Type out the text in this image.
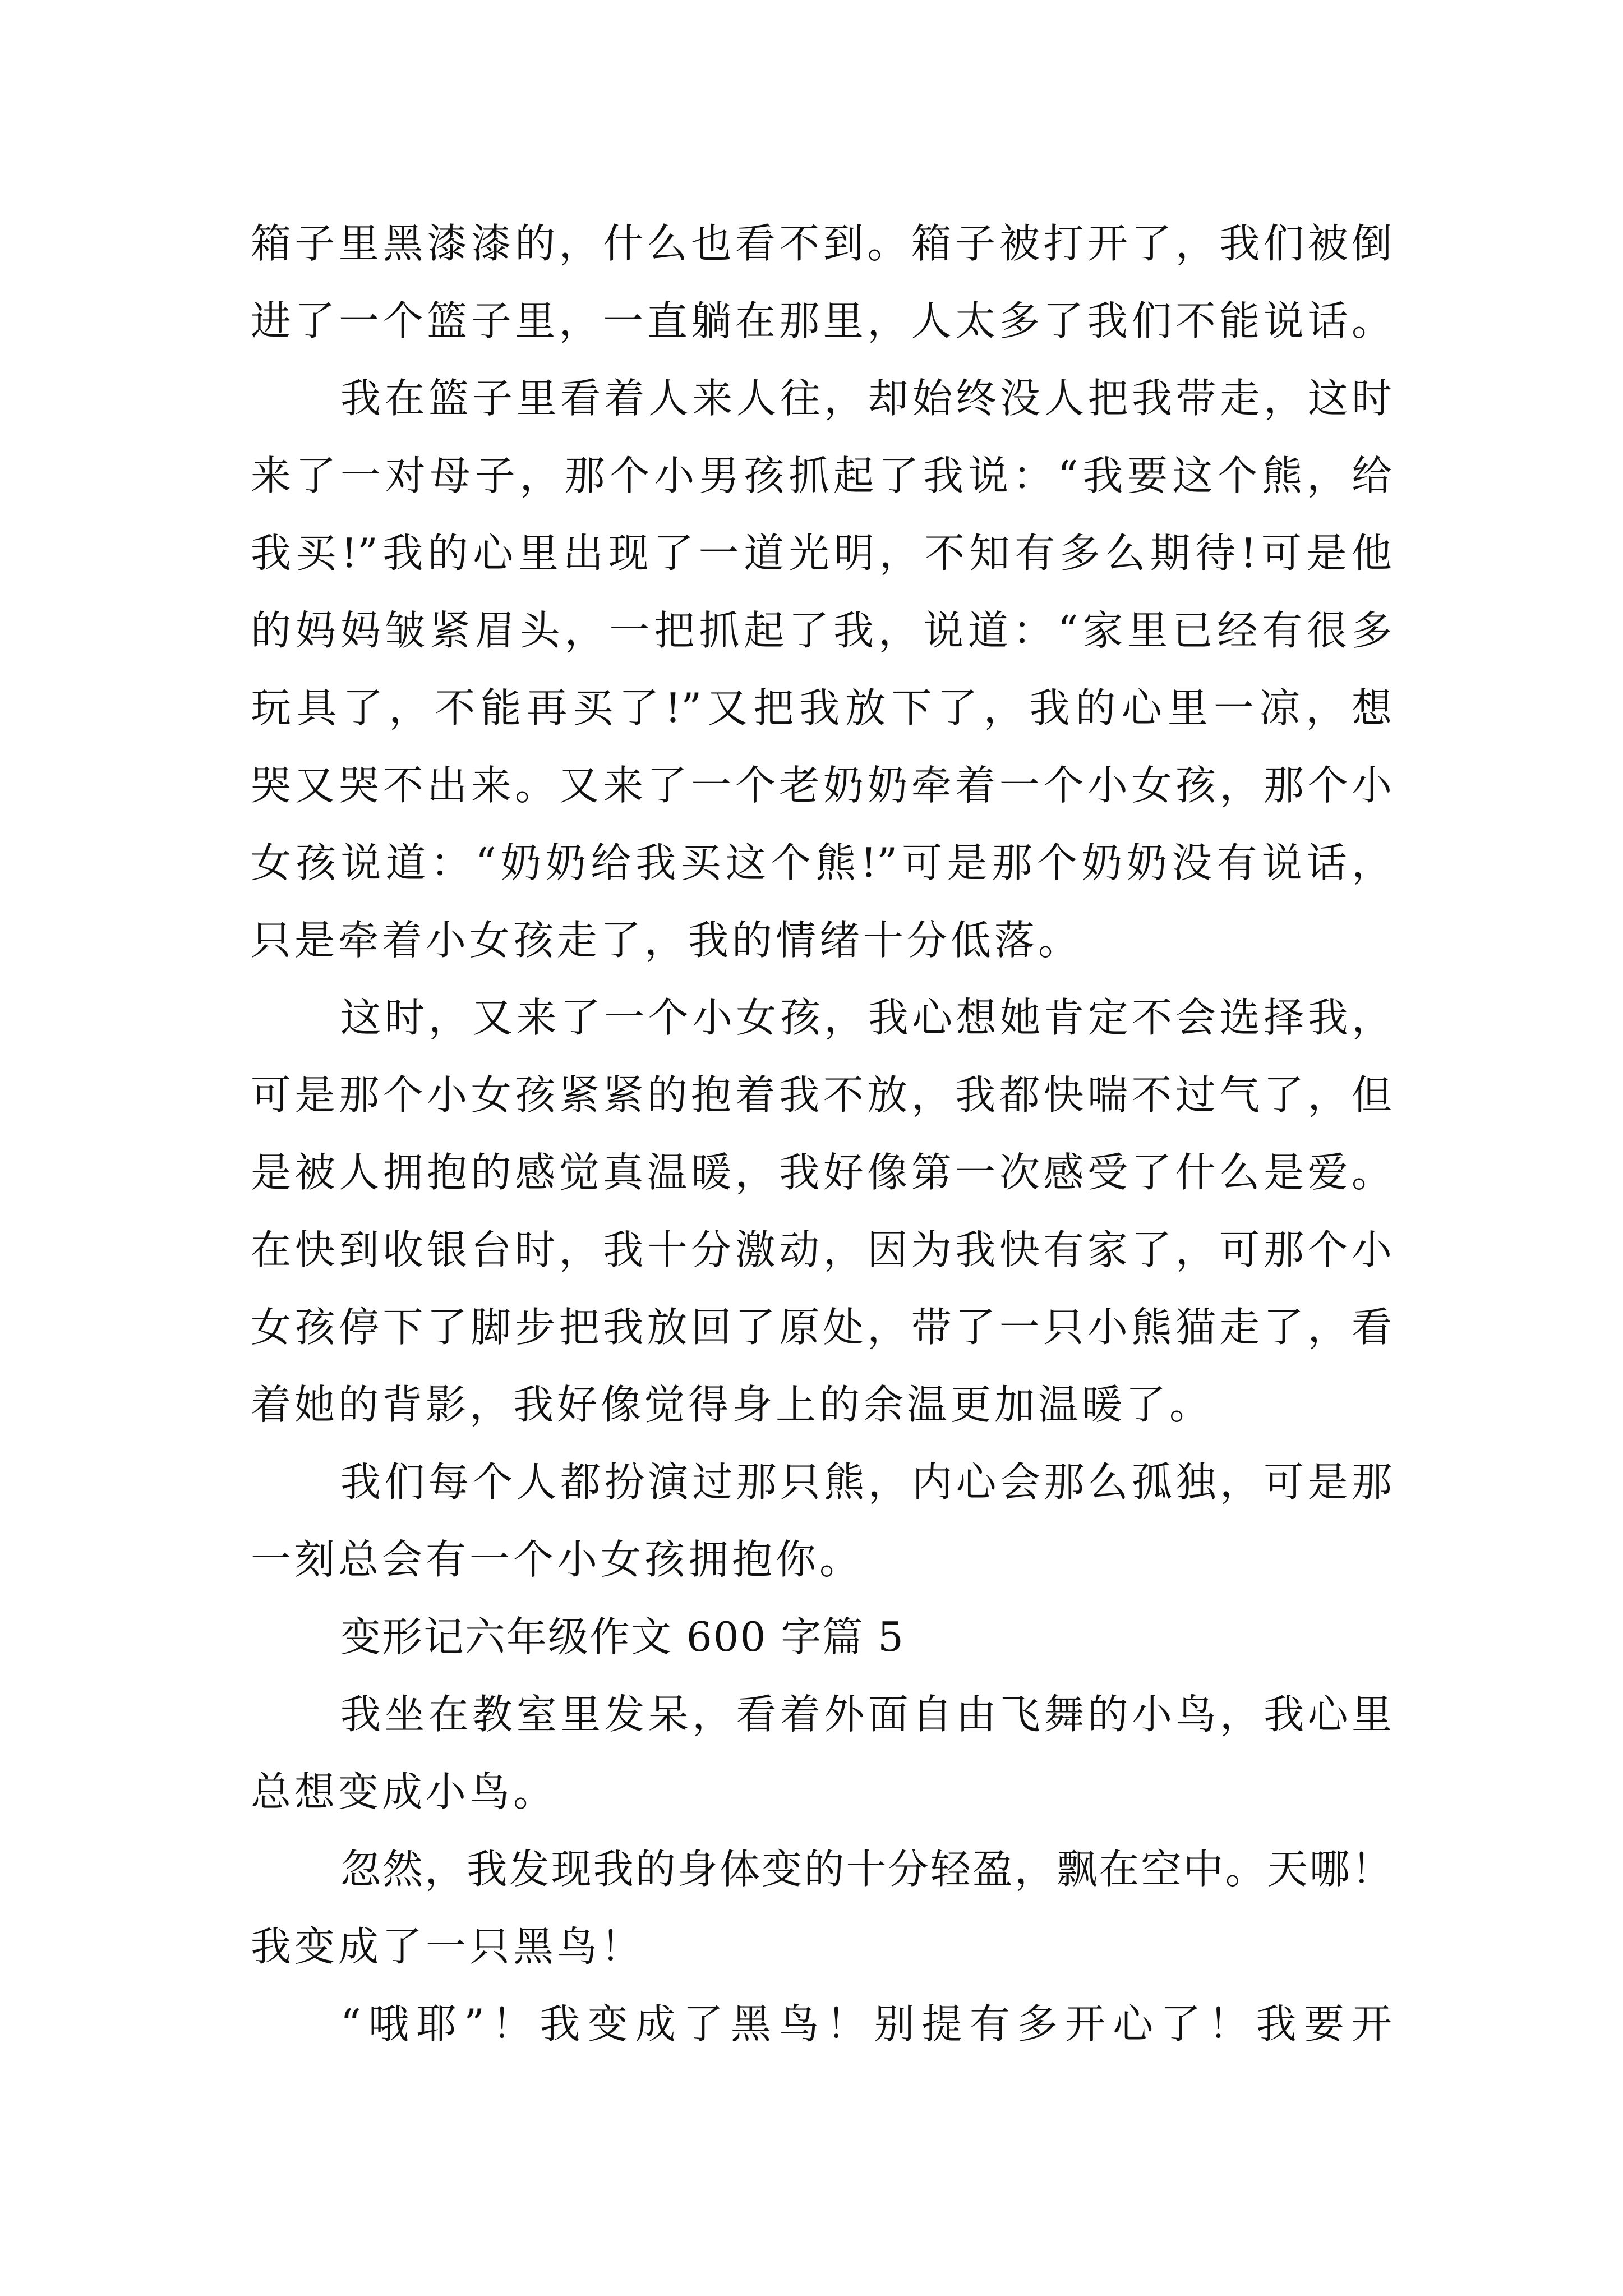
箱子里黑漆漆的，什么也看不到。箱子被打开了，我们被倒
进了一个篮子里，一直躺在那里，人太多了我们不能说话。
我在篮子里看着人来人往，却始终没人把我带走，这时
来了一对母子，那个小男孩抓起了我说：“我要这个熊，给
我买!”我的心里出现了一道光明，不知有多么期待!可是他
的妈妈皱紧眉头，一把抓起了我，说道：“家里已经有很多
玩具了，不能再买了!”又把我放下了，我的心里一凉，想
哭又哭不出来。又来了一个老奶奶牵着一个小女孩，那个小
女孩说道：“奶奶给我买这个熊!”可是那个奶奶没有说话，
只是牵着小女孩走了，我的情绪十分低落。
这时，又来了一个小女孩，我心想她肯定不会选择我，
可是那个小女孩紧紧的抱着我不放，我都快喘不过气了，但
是被人拥抱的感觉真温暖，我好像第一次感受了什么是爱。
在快到收银台时，我十分激动，因为我快有家了，可那个小
女孩停下了脚步把我放回了原处，带了一只小熊猫走了，看
着她的背影，我好像觉得身上的余温更加温暖了。
我们每个人都扮演过那只熊，内心会那么孤独，可是那
一刻总会有一个小女孩拥抱你。
变形记六年级作文 600 字篇 5
我坐在教室里发呆，看着外面自由飞舞的小鸟，我心里
总想变成小鸟。
忽然，我发现我的身体变的十分轻盈，飘在空中。天哪！
我变成了一只黑鸟！
“哦耶”！我变成了黑鸟！别提有多开心了！我要开
